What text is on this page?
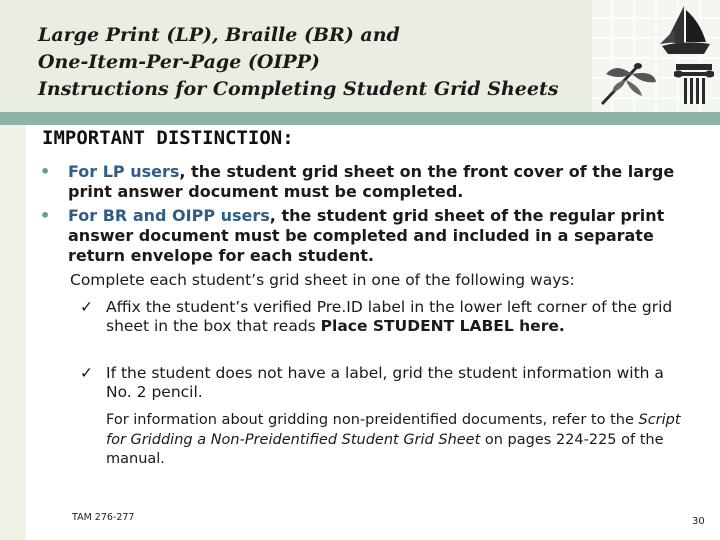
Large Print (LP), Braille (BR) and
One-Item-Per-Page (OIPP)
Instructions for Completing Student Grid Sheets
IMPORTANT DISTINCTION:
• For LP users, the student grid sheet on the front cover of the large print answer document must be completed.
• For BR and OIPP users, the student grid sheet of the regular print answer document must be completed and included in a separate return envelope for each student.
Complete each student’s grid sheet in one of the following ways:
✓ Affix the student’s verified Pre.ID label in the lower left corner of the grid sheet in the box that reads Place STUDENT LABEL here.
✓ If the student does not have a label, grid the student information with a No. 2 pencil.
For information about gridding non-preidentified documents, refer to the Script for Gridding a Non-Preidentified Student Grid Sheet on pages 224-225 of the manual.
TAM 276-277	30
